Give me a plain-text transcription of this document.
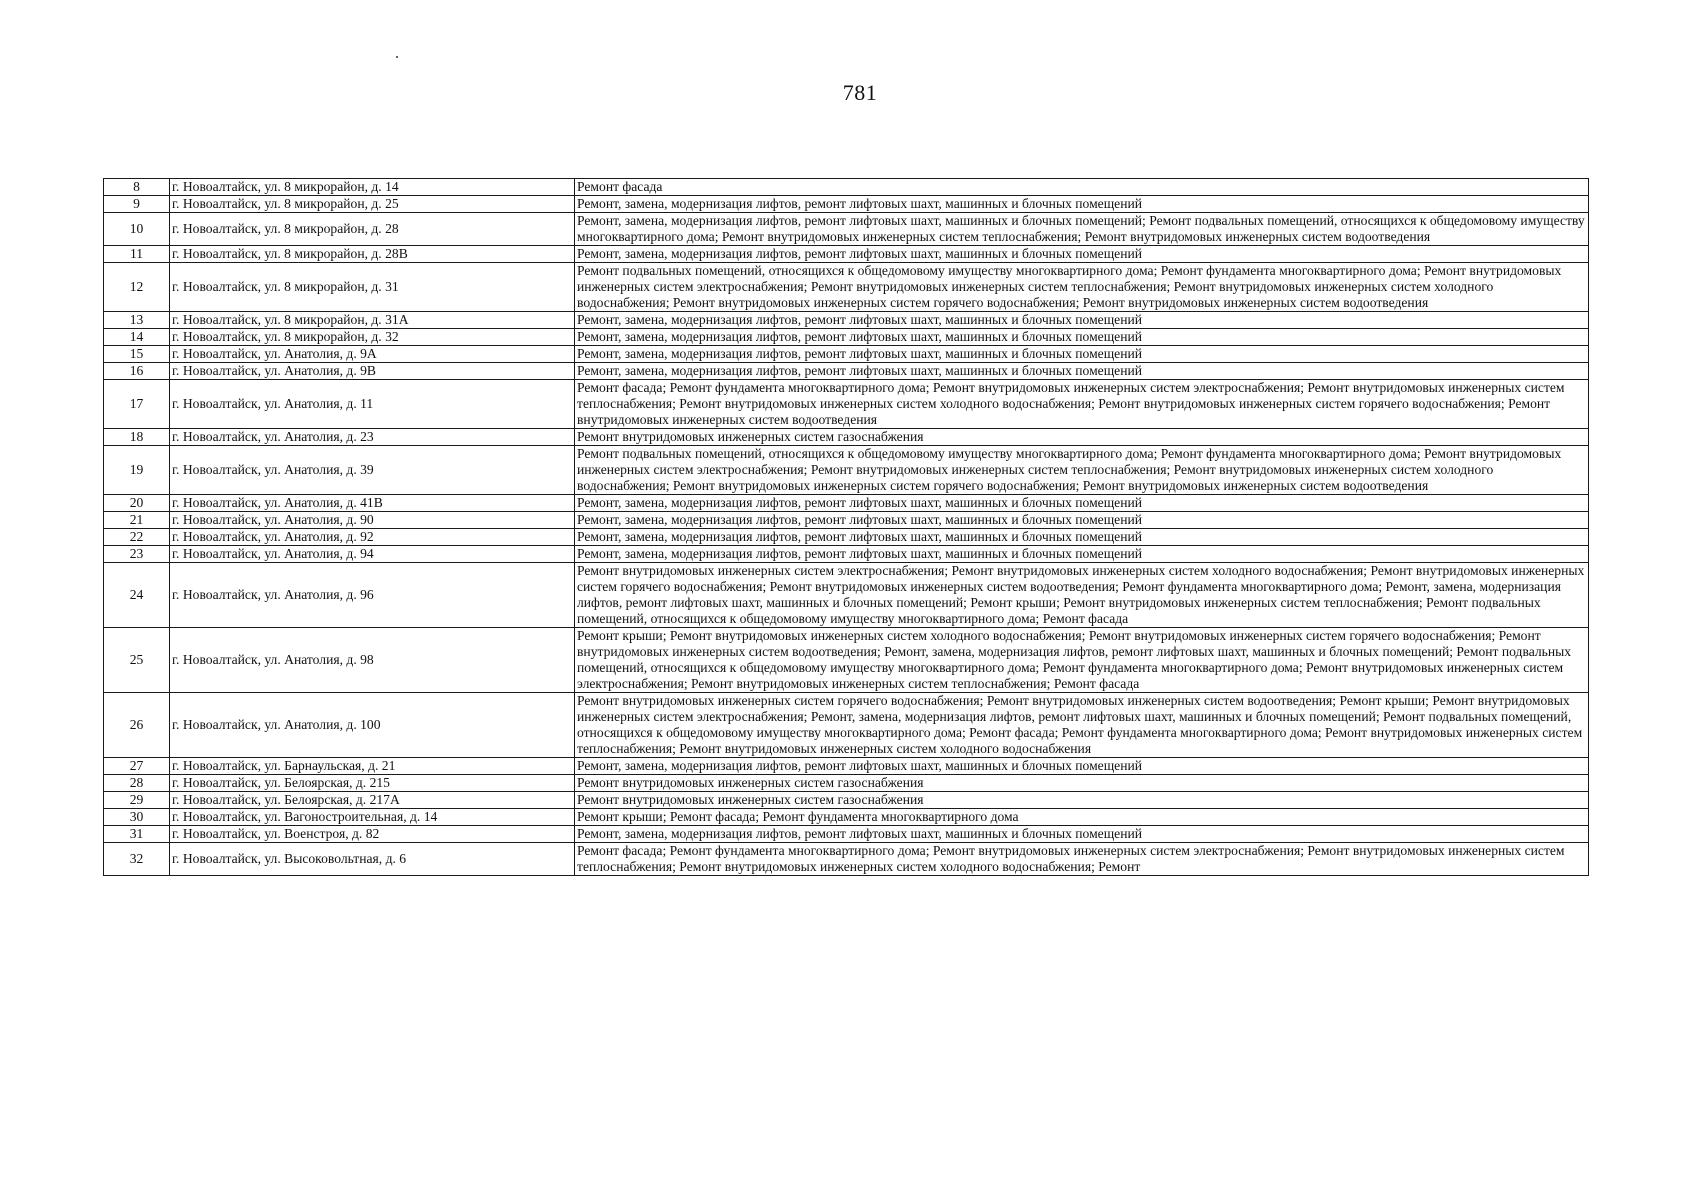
781
8	г. Новоалтайск, ул. 8 микрорайон, д. 14	Ремонт фасада
9	г. Новоалтайск, ул. 8 микрорайон, д. 25	Ремонт, замена, модернизация лифтов, ремонт лифтовых шахт, машинных и блочных помещений
10	г. Новоалтайск, ул. 8 микрорайон, д. 28	Ремонт, замена, модернизация лифтов, ремонт лифтовых шахт, машинных и блочных помещений; Ремонт подвальных помещений, относящихся к общедомовому имуществу многоквартирного дома; Ремонт внутридомовых инженерных систем теплоснабжения; Ремонт внутридомовых инженерных систем водоотведения
11	г. Новоалтайск, ул. 8 микрорайон, д. 28В	Ремонт, замена, модернизация лифтов, ремонт лифтовых шахт, машинных и блочных помещений
12	г. Новоалтайск, ул. 8 микрорайон, д. 31	Ремонт подвальных помещений, относящихся к общедомовому имуществу многоквартирного дома; Ремонт фундамента многоквартирного дома; Ремонт внутридомовых инженерных систем электроснабжения; Ремонт внутридомовых инженерных систем теплоснабжения; Ремонт внутридомовых инженерных систем холодного водоснабжения; Ремонт внутридомовых инженерных систем горячего водоснабжения; Ремонт внутридомовых инженерных систем водоотведения
13	г. Новоалтайск, ул. 8 микрорайон, д. 31А	Ремонт, замена, модернизация лифтов, ремонт лифтовых шахт, машинных и блочных помещений
14	г. Новоалтайск, ул. 8 микрорайон, д. 32	Ремонт, замена, модернизация лифтов, ремонт лифтовых шахт, машинных и блочных помещений
15	г. Новоалтайск, ул. Анатолия, д. 9А	Ремонт, замена, модернизация лифтов, ремонт лифтовых шахт, машинных и блочных помещений
16	г. Новоалтайск, ул. Анатолия, д. 9В	Ремонт, замена, модернизация лифтов, ремонт лифтовых шахт, машинных и блочных помещений
17	г. Новоалтайск, ул. Анатолия, д. 11	Ремонт фасада; Ремонт фундамента многоквартирного дома; Ремонт внутридомовых инженерных систем электроснабжения; Ремонт внутридомовых инженерных систем теплоснабжения; Ремонт внутридомовых инженерных систем холодного водоснабжения; Ремонт внутридомовых инженерных систем горячего водоснабжения; Ремонт внутридомовых инженерных систем водоотведения
18	г. Новоалтайск, ул. Анатолия, д. 23	Ремонт внутридомовых инженерных систем газоснабжения
19	г. Новоалтайск, ул. Анатолия, д. 39	Ремонт подвальных помещений, относящихся к общедомовому имуществу многоквартирного дома; Ремонт фундамента многоквартирного дома; Ремонт внутридомовых инженерных систем электроснабжения; Ремонт внутридомовых инженерных систем теплоснабжения; Ремонт внутридомовых инженерных систем холодного водоснабжения; Ремонт внутридомовых инженерных систем горячего водоснабжения; Ремонт внутридомовых инженерных систем водоотведения
20	г. Новоалтайск, ул. Анатолия, д. 41В	Ремонт, замена, модернизация лифтов, ремонт лифтовых шахт, машинных и блочных помещений
21	г. Новоалтайск, ул. Анатолия, д. 90	Ремонт, замена, модернизация лифтов, ремонт лифтовых шахт, машинных и блочных помещений
22	г. Новоалтайск, ул. Анатолия, д. 92	Ремонт, замена, модернизация лифтов, ремонт лифтовых шахт, машинных и блочных помещений
23	г. Новоалтайск, ул. Анатолия, д. 94	Ремонт, замена, модернизация лифтов, ремонт лифтовых шахт, машинных и блочных помещений
24	г. Новоалтайск, ул. Анатолия, д. 96	Ремонт внутридомовых инженерных систем электроснабжения; Ремонт внутридомовых инженерных систем холодного водоснабжения; Ремонт внутридомовых инженерных систем горячего водоснабжения; Ремонт внутридомовых инженерных систем водоотведения; Ремонт фундамента многоквартирного дома; Ремонт, замена, модернизация лифтов, ремонт лифтовых шахт, машинных и блочных помещений; Ремонт крыши; Ремонт внутридомовых инженерных систем теплоснабжения; Ремонт подвальных помещений, относящихся к общедомовому имуществу многоквартирного дома; Ремонт фасада
25	г. Новоалтайск, ул. Анатолия, д. 98	Ремонт крыши; Ремонт внутридомовых инженерных систем холодного водоснабжения; Ремонт внутридомовых инженерных систем горячего водоснабжения; Ремонт внутридомовых инженерных систем водоотведения; Ремонт, замена, модернизация лифтов, ремонт лифтовых шахт, машинных и блочных помещений; Ремонт подвальных помещений, относящихся к общедомовому имуществу многоквартирного дома; Ремонт фундамента многоквартирного дома; Ремонт внутридомовых инженерных систем электроснабжения; Ремонт внутридомовых инженерных систем теплоснабжения; Ремонт фасада
26	г. Новоалтайск, ул. Анатолия, д. 100	Ремонт внутридомовых инженерных систем горячего водоснабжения; Ремонт внутридомовых инженерных систем водоотведения; Ремонт крыши; Ремонт внутридомовых инженерных систем электроснабжения; Ремонт, замена, модернизация лифтов, ремонт лифтовых шахт, машинных и блочных помещений; Ремонт подвальных помещений, относящихся к общедомовому имуществу многоквартирного дома; Ремонт фасада; Ремонт фундамента многоквартирного дома; Ремонт внутридомовых инженерных систем теплоснабжения; Ремонт внутридомовых инженерных систем холодного водоснабжения
27	г. Новоалтайск, ул. Барнаульская, д. 21	Ремонт, замена, модернизация лифтов, ремонт лифтовых шахт, машинных и блочных помещений
28	г. Новоалтайск, ул. Белоярская, д. 215	Ремонт внутридомовых инженерных систем газоснабжения
29	г. Новоалтайск, ул. Белоярская, д. 217А	Ремонт внутридомовых инженерных систем газоснабжения
30	г. Новоалтайск, ул. Вагоностроительная, д. 14	Ремонт крыши; Ремонт фасада; Ремонт фундамента многоквартирного дома
31	г. Новоалтайск, ул. Военстроя, д. 82	Ремонт, замена, модернизация лифтов, ремонт лифтовых шахт, машинных и блочных помещений
32	г. Новоалтайск, ул. Высоковольтная, д. 6	Ремонт фасада; Ремонт фундамента многоквартирного дома; Ремонт внутридомовых инженерных систем электроснабжения; Ремонт внутридомовых инженерных систем теплоснабжения; Ремонт внутридомовых инженерных систем холодного водоснабжения; Ремонт
